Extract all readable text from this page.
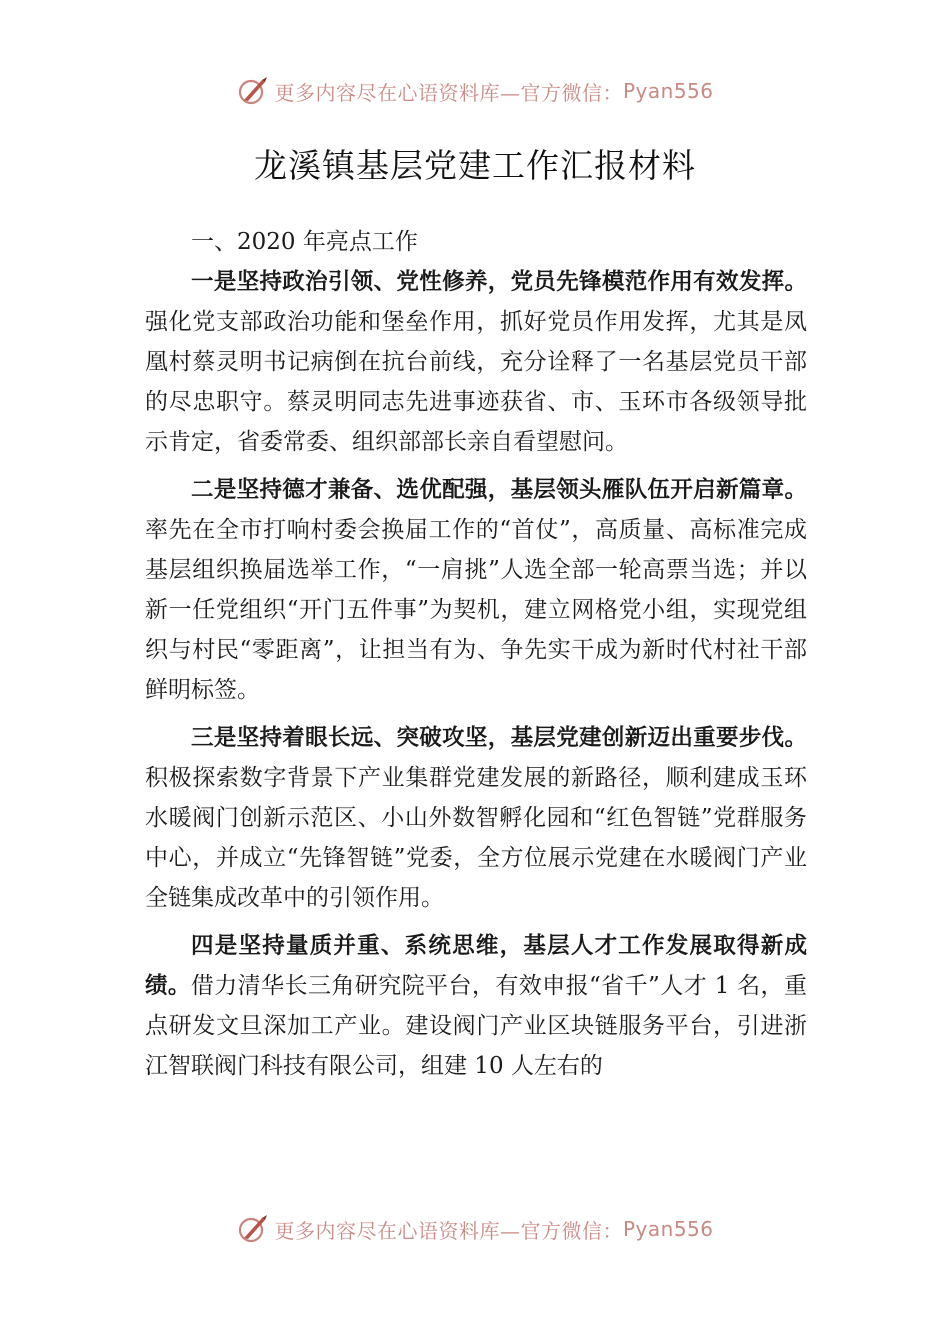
更多内容尽在心语资料库—官方微信： Pyan556
龙溪镇基层党建工作汇报材料

一、2020 年亮点工作

一是坚持政治引领、党性修养，党员先锋模范作用有效发挥。强化党支部政治功能和堡垒作用，抓好党员作用发挥，尤其是凤凰村蔡灵明书记病倒在抗台前线，充分诠释了一名基层党员干部的尽忠职守。蔡灵明同志先进事迹获省、市、玉环市各级领导批示肯定，省委常委、组织部部长亲自看望慰问。

二是坚持德才兼备、选优配强，基层领头雁队伍开启新篇章。率先在全市打响村委会换届工作的“首仗”，高质量、高标准完成基层组织换届选举工作，“一肩挑”人选全部一轮高票当选；并以新一任党组织“开门五件事”为契机，建立网格党小组，实现党组织与村民“零距离”，让担当有为、争先实干成为新时代村社干部鲜明标签。

三是坚持着眼长远、突破攻坚，基层党建创新迈出重要步伐。积极探索数字背景下产业集群党建发展的新路径，顺利建成玉环水暖阀门创新示范区、小山外数智孵化园和“红色智链”党群服务中心，并成立“先锋智链”党委，全方位展示党建在水暖阀门产业全链集成改革中的引领作用。

四是坚持量质并重、系统思维，基层人才工作发展取得新成绩。借力清华长三角研究院平台，有效申报“省千”人才 1 名，重点研发文旦深加工产业。建设阀门产业区块链服务平台，引进浙江智联阀门科技有限公司，组建 10 人左右的

更多内容尽在心语资料库—官方微信： Pyan556
